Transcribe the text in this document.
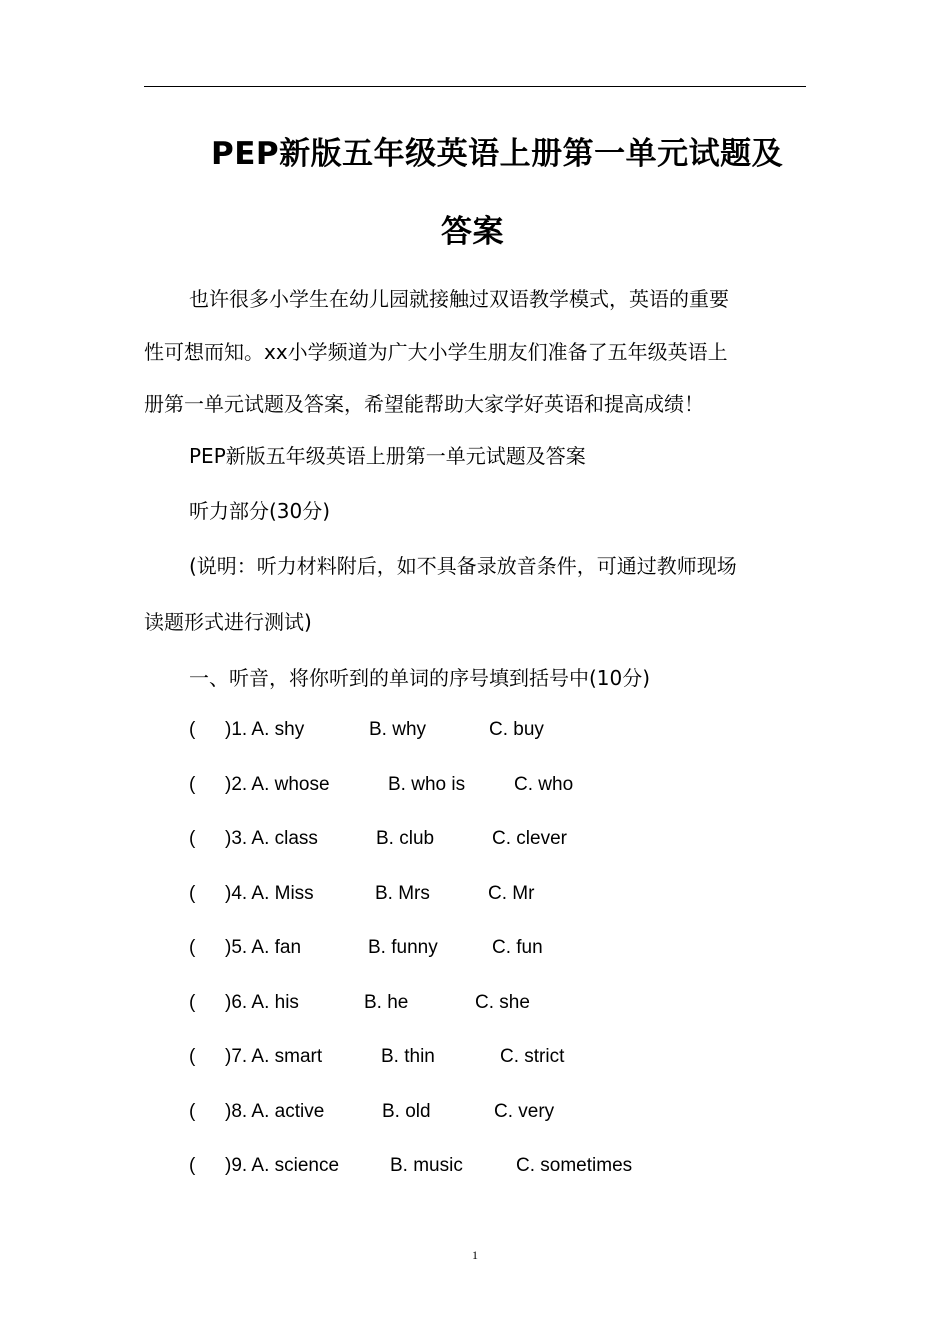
PEP新版五年级英语上册第一单元试题及
答案
也许很多小学生在幼儿园就接触过双语教学模式，英语的重要
性可想而知。xx小学频道为广大小学生朋友们准备了五年级英语上
册第一单元试题及答案，希望能帮助大家学好英语和提高成绩！
PEP新版五年级英语上册第一单元试题及答案
听力部分(30分)
(说明：听力材料附后，如不具备录放音条件，可通过教师现场
读题形式进行测试)
一、听音，将你听到的单词的序号填到括号中(10分)
( )1. A. shy	B. why	C. buy
( )2. A. whose	B. who is	C. who
( )3. A. class	B. club	C. clever
( )4. A. Miss	B. Mrs	C. Mr
( )5. A. fan	B. funny	C. fun
( )6. A. his	B. he	C. she
( )7. A. smart	B. thin	C. strict
( )8. A. active	B. old	C. very
( )9. A. science	B. music	C. sometimes
1
